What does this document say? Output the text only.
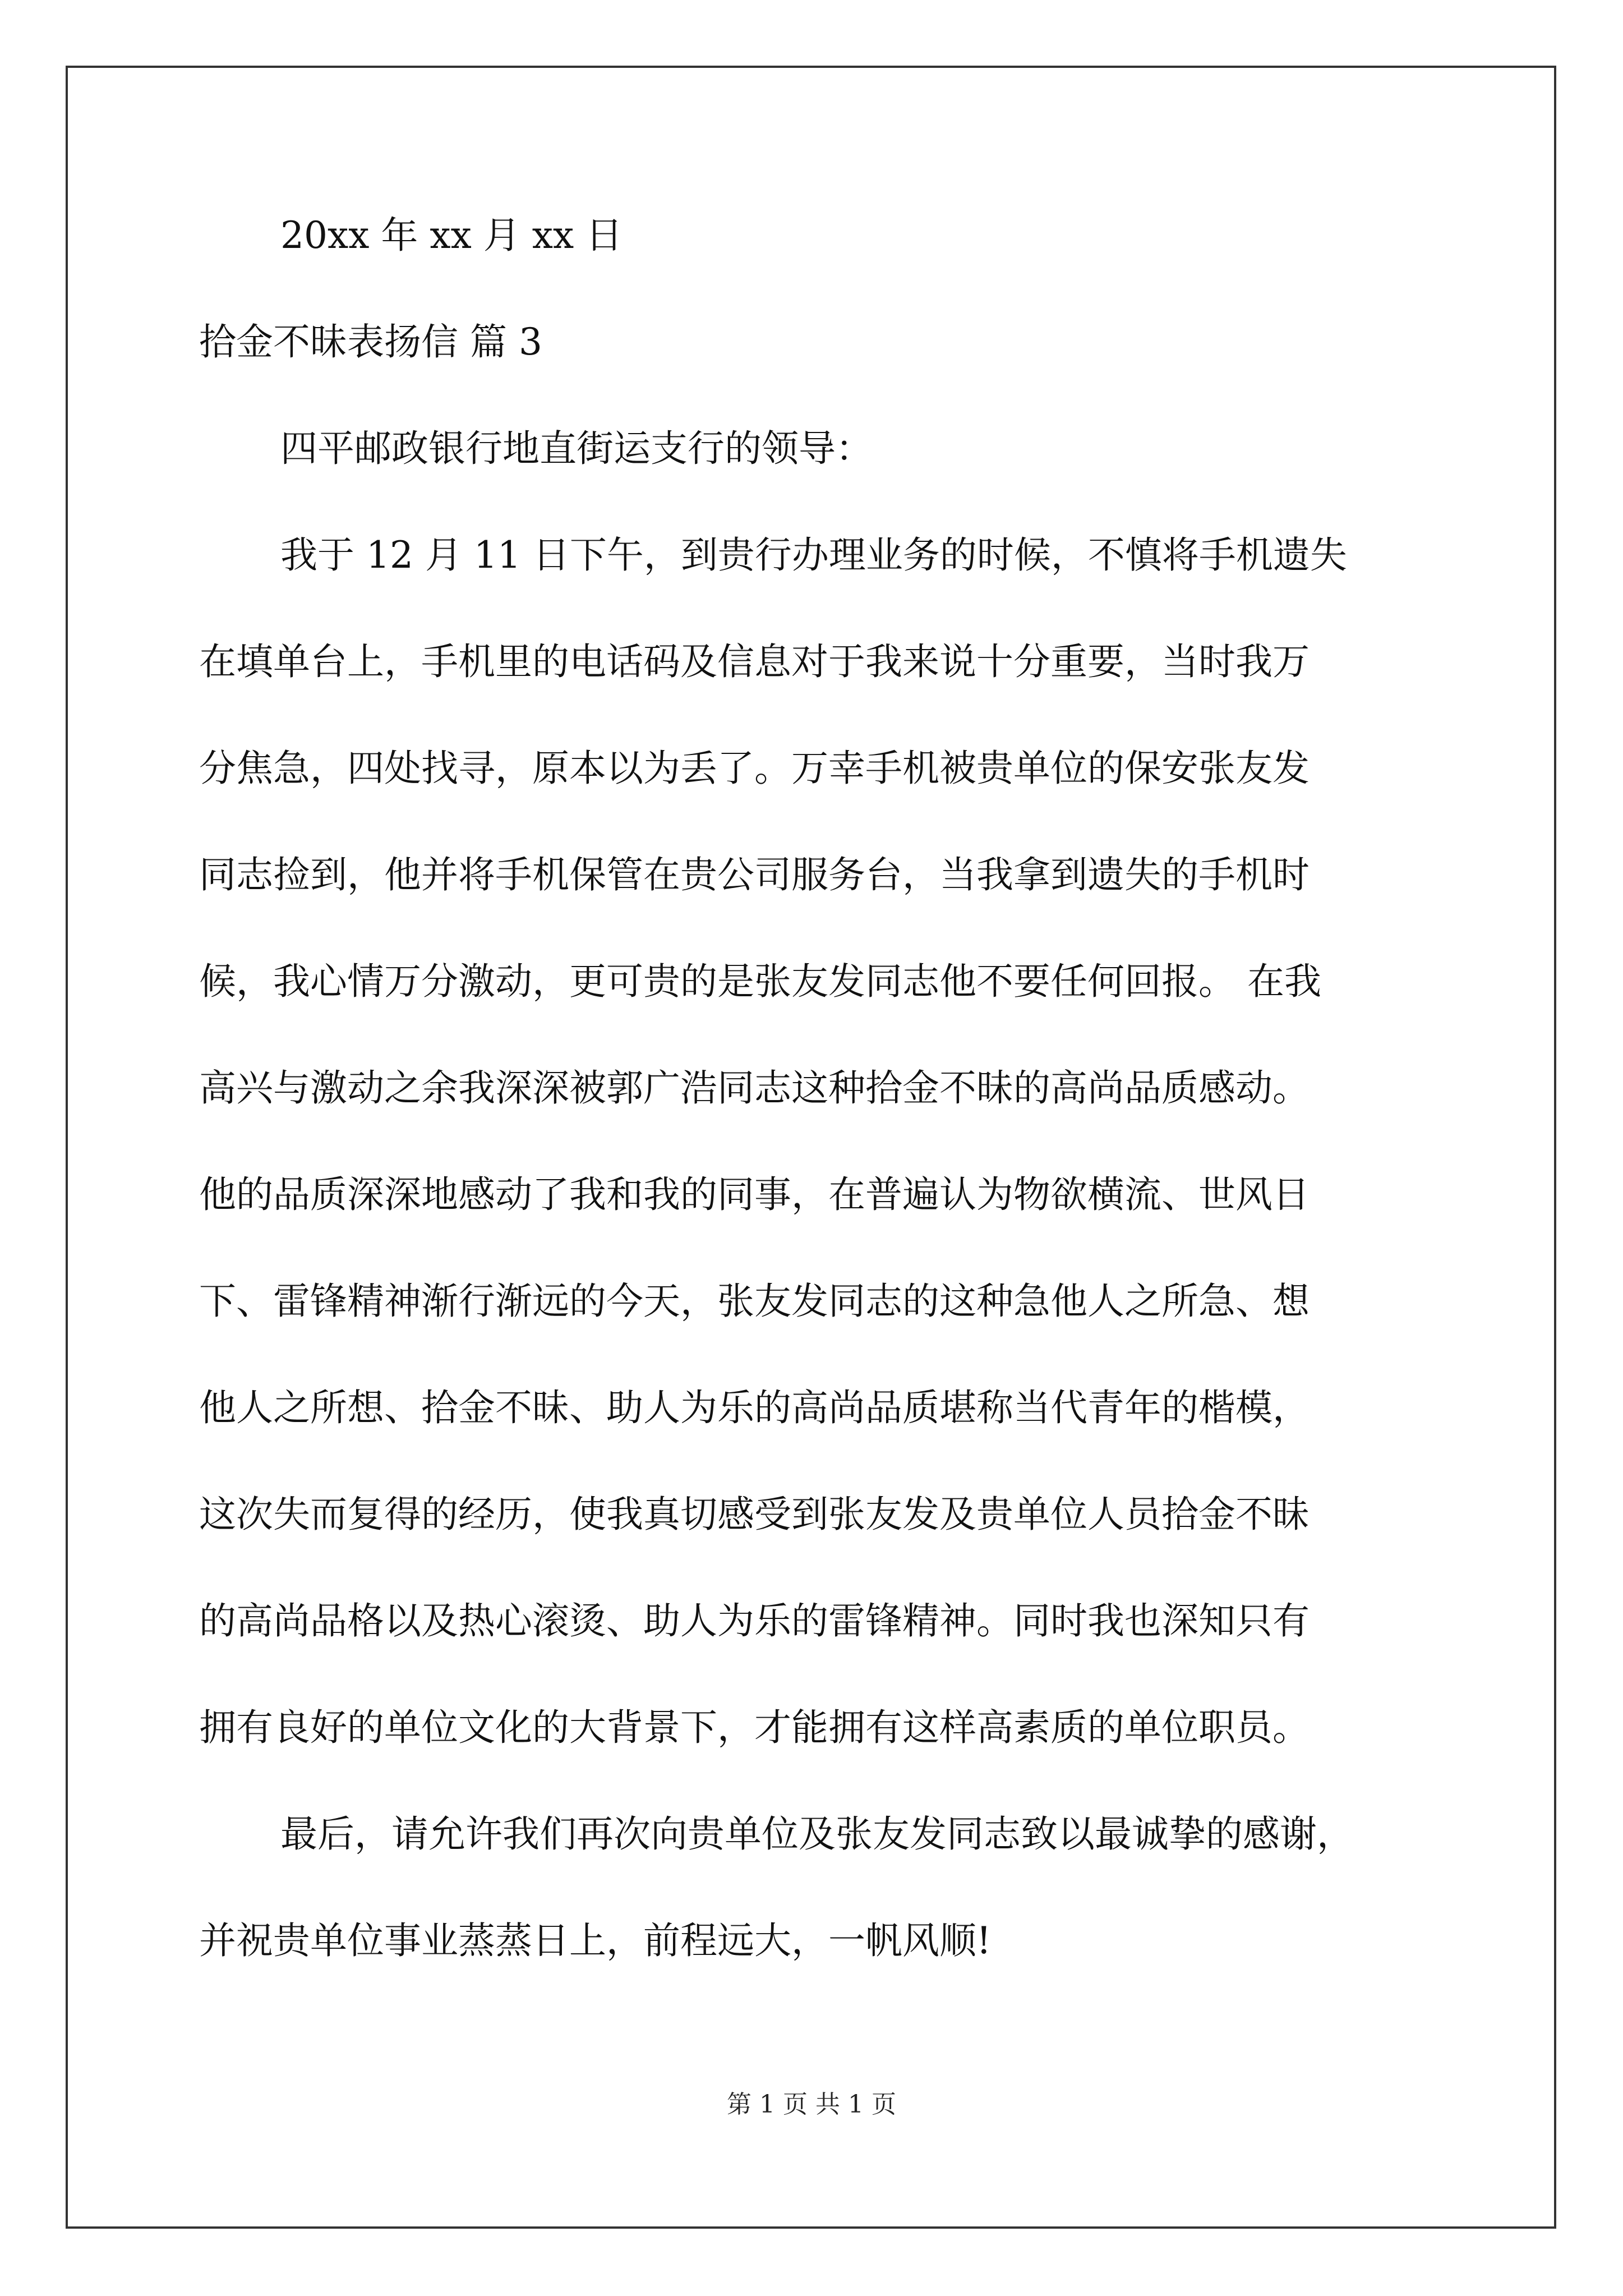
20xx 年 xx 月 xx 日
拾金不昧表扬信 篇 3
四平邮政银行地直街运支行的领导：
我于 12 月 11 日下午，到贵行办理业务的时候，不慎将手机遗失
在填单台上，手机里的电话码及信息对于我来说十分重要，当时我万
分焦急，四处找寻，原本以为丢了。万幸手机被贵单位的保安张友发
同志捡到，他并将手机保管在贵公司服务台，当我拿到遗失的手机时
候，我心情万分激动，更可贵的是张友发同志他不要任何回报。 在我
高兴与激动之余我深深被郭广浩同志这种拾金不昧的高尚品质感动。
他的品质深深地感动了我和我的同事，在普遍认为物欲横流、世风日
下、雷锋精神渐行渐远的今天，张友发同志的这种急他人之所急、想
他人之所想、拾金不昧、助人为乐的高尚品质堪称当代青年的楷模，
这次失而复得的经历，使我真切感受到张友发及贵单位人员拾金不昧
的高尚品格以及热心滚烫、助人为乐的雷锋精神。同时我也深知只有
拥有良好的单位文化的大背景下，才能拥有这样高素质的单位职员。
最后，请允许我们再次向贵单位及张友发同志致以最诚挚的感谢，
并祝贵单位事业蒸蒸日上，前程远大，一帆风顺!
第 1 页 共 1 页
